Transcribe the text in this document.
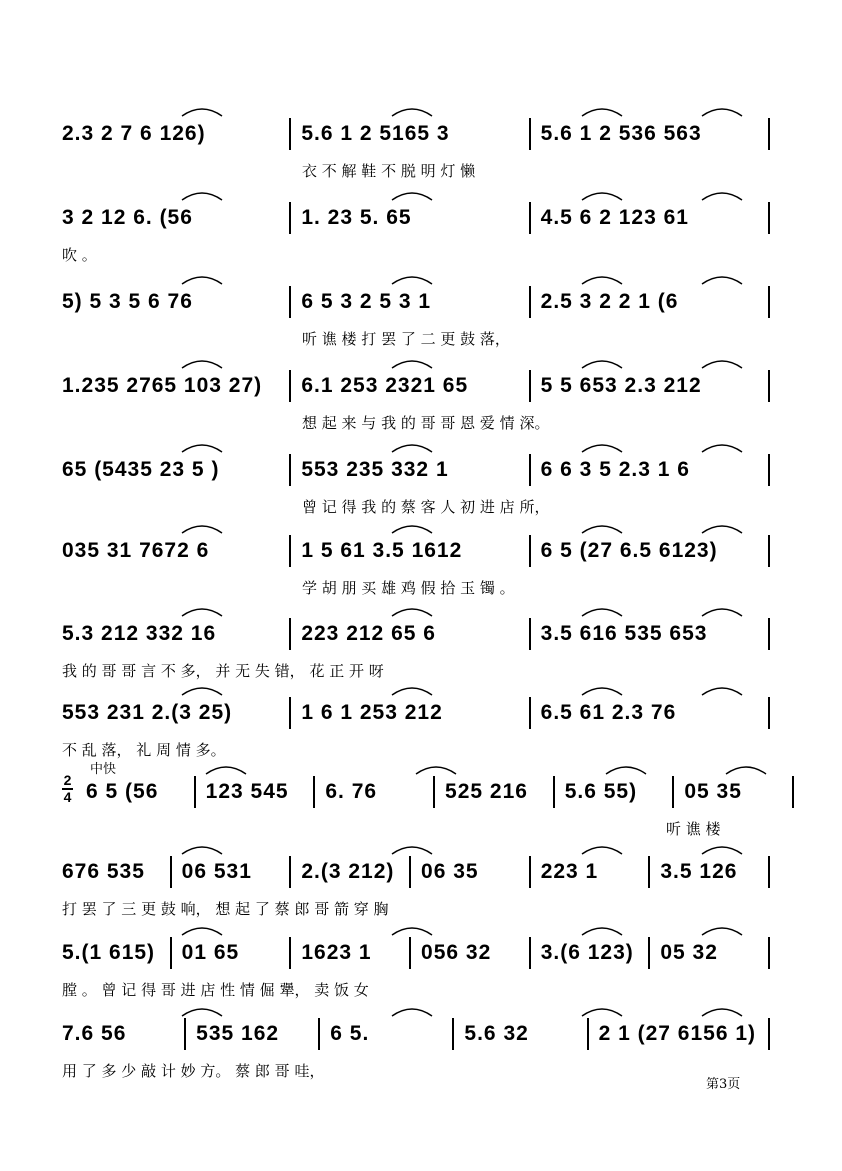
2
4
中快
2.3 2 7 6 126)	5.6 1 2 5165 3	5.6 1 2 536 563
衣 不 解 鞋 不 脱 明 灯 懒
3 2 12 6. (56	1. 23 5. 65	4.5 6 2 123 61
吹 。
5) 5 3 5 6 76	6 5 3 2 5 3 1	2.5 3 2 2 1 (6
听 谯 楼 打 罢 了 二 更 鼓 落，
1.235 2765 103 27)	6.1 253 2321 65	5 5 653 2.3 212
想 起 来 与 我 的 哥 哥 恩 爱 情 深。
65 (5435 23 5 )	553 235 332 1	6 6 3 5 2.3 1 6
曾 记 得 我 的 蔡 客 人 初 进 店 所，
035 31 7672 6	1 5 61 3.5 1612	6 5 (27 6.5 6123)
学 胡 朋 买 雄 鸡 假 拾 玉 镯 。
5.3 212 332 16	223 212 65 6	3.5 616 535 653
我 的 哥 哥 言 不 多， 并 无 失 错， 花 正 开 呀
553 231 2.(3 25)	1 6 1 253 212	6.5 61 2.3 76
不 乱 落， 礼 周 情 多。
6 5 (56	123 545	6. 76	525 216	5.6 55)	05 35
听 谯 楼
676 535	06 531	2.(3 212) 06 35	223 1	3.5 126
打 罢 了 三 更 鼓 响， 想 起 了 蔡 郎 哥 箭 穿 胸
5.(1 615) 01 65	1623 1	056 32	3.(6 123) 05 32
膛 。 曾 记 得 哥 进 店 性 情 倔 犟， 卖 饭 女
7.6 56	535 162	6 5.	5.6 32	2 1 (27 6156 1)
用 了 多 少 敲 计 妙 方。 蔡 郎 哥 哇，
第3页
